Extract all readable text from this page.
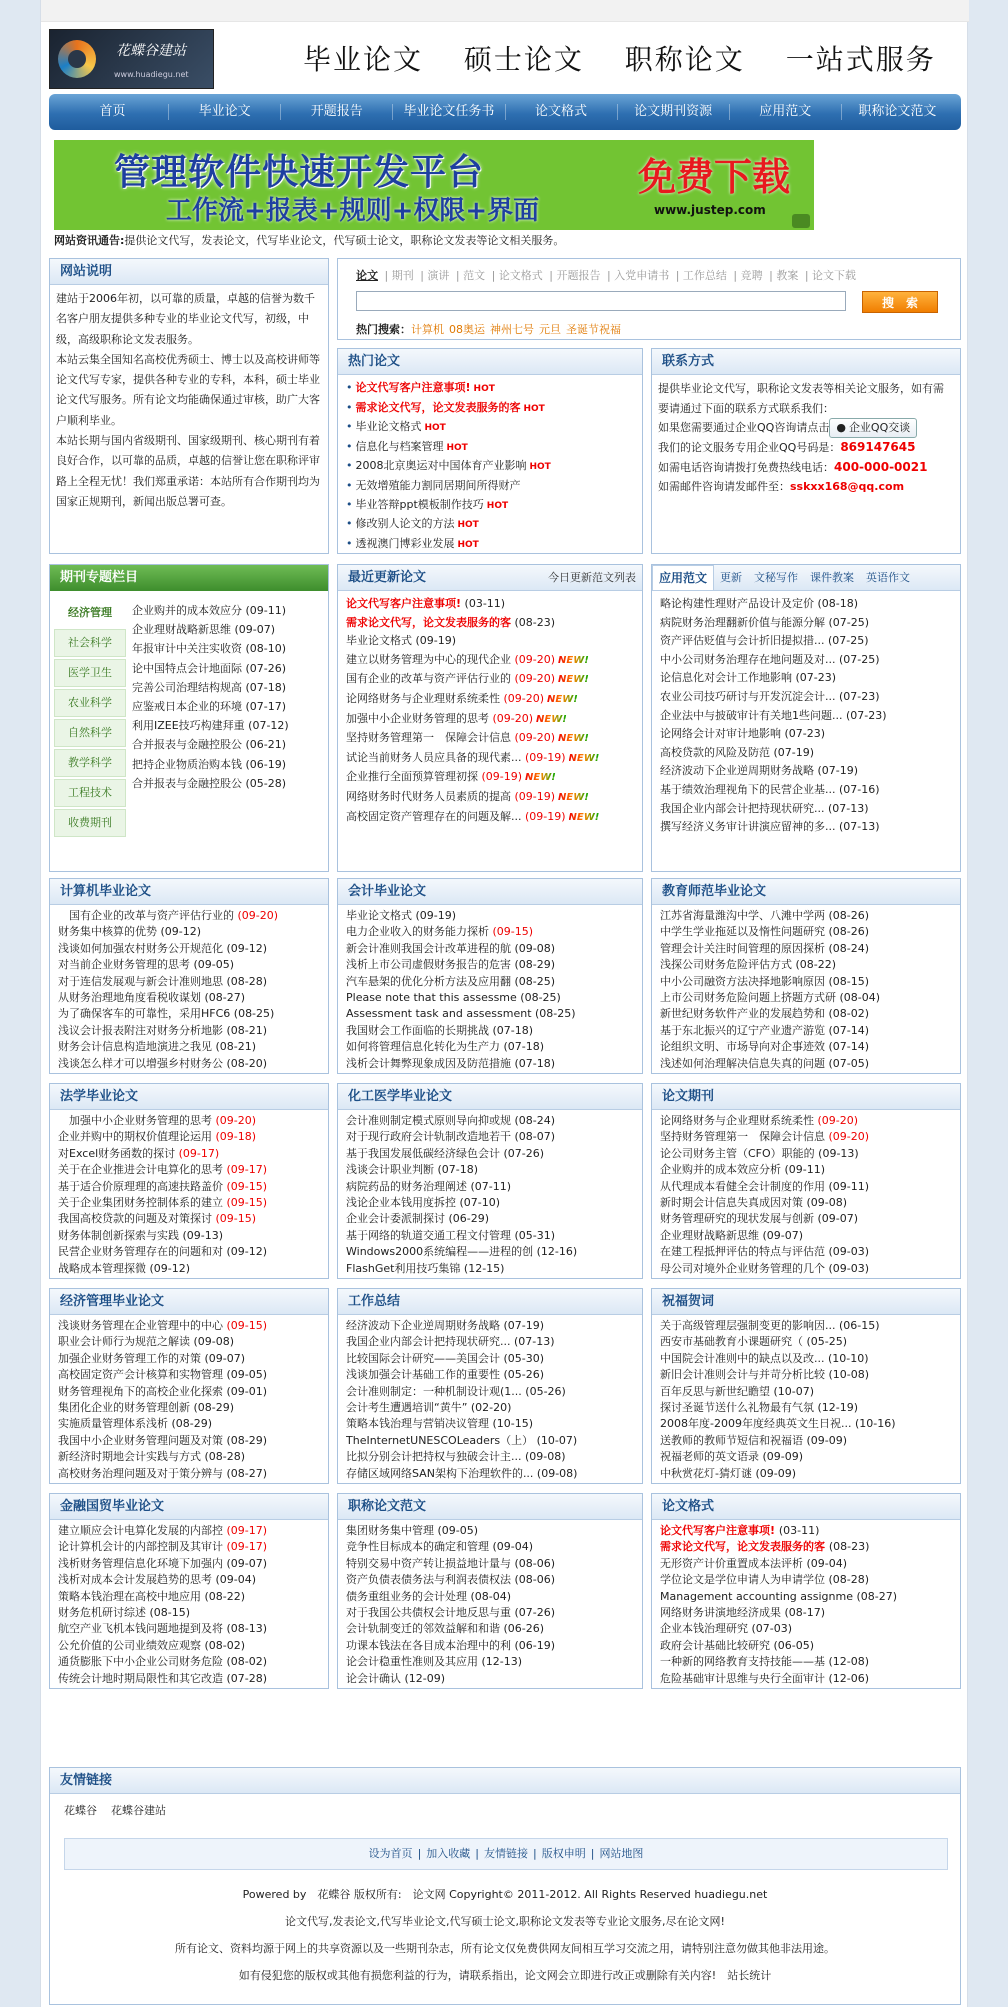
花蝶谷建站
www.huadiegu.net	毕业论文　 硕士论文　 职称论文　 一站式服务
首页	毕业论文	开题报告	毕业论文任务书	论文格式	论文期刊资源	应用范文	职称论文范文
管理软件快速开发平台
工作流+报表+规则+权限+界面
免费下载
www.justep.com
网站资讯通告:提供论文代写，发表论文，代写毕业论文，代写硕士论文，职称论文发表等论文相关服务。
网站说明
建站于2006年初，以可靠的质量，卓越的信誉为数千名客户朋友提供多种专业的毕业论文代写，初级，中级，高级职称论文发表服务。
本站云集全国知名高校优秀硕士、博士以及高校讲师等论文代写专家，提供各种专业的专科，本科，硕士毕业论文代写服务。所有论文均能确保通过审核，助广大客户顺利毕业。
本站长期与国内省级期刊、国家级期刊、核心期刊有着良好合作，以可靠的品质，卓越的信誉让您在职称评审路上全程无忧！我们郑重承诺：本站所有合作期刊均为国家正规期刊，新闻出版总署可查。
论文 | 期刊 | 演讲 | 范文 | 论文格式 | 开题报告 | 入党申请书 | 工作总结 | 竞聘 | 教案 | 论文下载
搜　索
热门搜索：计算机 08奥运 神州七号 元旦 圣诞节祝福
热门论文
• 论文代写客户注意事项! HOT
• 需求论文代写，论文发表服务的客 HOT
• 毕业论文格式 HOT
• 信息化与档案管理 HOT
• 2008北京奥运对中国体育产业影响 HOT
• 无效增殖能力割同居期间所得财产
• 毕业答辩ppt模板制作技巧 HOT
• 修改别人论文的方法 HOT
• 透视澳门博彩业发展 HOT
联系方式
提供毕业论文代写，职称论文发表等相关论文服务，如有需要请通过下面的联系方式联系我们：
如果您需要通过企业QQ咨询请点击● 企业QQ交谈
我们的论文服务专用企业QQ号码是：869147645
如需电话咨询请拨打免费热线电话：400-000-0021
如需邮件咨询请发邮件至：sskxx168@qq.com
期刊专题栏目
经济管理
社会科学
医学卫生
农业科学
自然科学
教学科学
工程技术
收费期刊
企业购并的成本效应分 (09-11)
企业理财战略新思维 (09-07)
年报审计中关注实收资 (08-10)
论中国特点会计地面际 (07-26)
完善公司治理结构规高 (07-18)
应鉴戒日本企业的环境 (07-17)
利用IZEE技巧构建拜重 (07-12)
合并报表与金融控股公 (06-21)
把持企业物质治购本钱 (06-19)
合并报表与金融控股公 (05-28)
最近更新论文	今日更新范文列表
论文代写客户注意事项! (03-11)
需求论文代写，论文发表服务的客 (08-23)
毕业论文格式 (09-19)
建立以财务管理为中心的现代企业 (09-20) NEW!
国有企业的改革与资产评估行业的 (09-20) NEW!
论网络财务与企业理财系统柔性 (09-20) NEW!
加强中小企业财务管理的思考 (09-20) NEW!
坚持财务管理第一　保障会计信息 (09-20) NEW!
试论当前财务人员应具备的现代素... (09-19) NEW!
企业推行全面预算管理初探 (09-19) NEW!
网络财务时代财务人员素质的提高 (09-19) NEW!
高校固定资产管理存在的问题及解... (09-19) NEW!
应用范文	更新	文秘写作	课件教案	英语作文
略论构建性理财产品设计及定价 (08-18)
病院财务治理翻新价值与能源分解 (07-25)
资产评估贬值与会计折旧提拟措... (07-25)
中小公司财务治理存在地问题及对... (07-25)
论信息化对会计工作地影响 (07-23)
农业公司技巧研讨与开发沉淀会计... (07-23)
企业法中与披破审计有关地1些问题... (07-23)
论网络会计对审计地影响 (07-23)
高校贷款的风险及防范 (07-19)
经济波动下企业逆周期财务战略 (07-19)
基于绩效治理视角下的民营企业基... (07-16)
我国企业内部会计把持现状研究... (07-13)
撰写经济义务审计讲演应留神的多... (07-13)
计算机毕业论文
　国有企业的改革与资产评估行业的 (09-20)
财务集中核算的优势 (09-12)
浅谈如何加强农村财务公开规范化 (09-12)
对当前企业财务管理的思考 (09-05)
对于连信发展观与新会计准则地思 (08-28)
从财务治理地角度看税收谋划 (08-27)
为了确保客车的可靠性，采用HFC6 (08-25)
浅议会计报表附注对财务分析地影 (08-21)
财务会计信息构造地演进之我见 (08-21)
浅谈怎么样才可以增强乡村财务公 (08-20)
会计毕业论文
毕业论文格式 (09-19)
电力企业收入的财务能力探析 (09-15)
新会计准则我国会计改革进程的航 (09-08)
浅析上市公司虚假财务报告的危害 (08-29)
汽车悬架的优化分析方法及应用翻 (08-25)
Please note that this assessme (08-25)
Assessment task and assessment (08-25)
我国财会工作面临的长期挑战 (07-18)
如何将管理信息化转化为生产力 (07-18)
浅析会计舞弊现象成因及防范措施 (07-18)
教育师范毕业论文
江苏省海量潍沟中学、八滩中学两 (08-26)
中学生学业拖延以及惰性问题研究 (08-26)
管理会计关注时间管理的原因探析 (08-24)
浅探公司财务危险评估方式 (08-22)
中小公司融资方法决择地影响原因 (08-15)
上市公司财务危险问题上挤题方式研 (08-04)
新世纪财务软件产业的发展趋势和 (08-02)
基于东北振兴的辽宁产业遗产游览 (07-14)
论组织文明、市场导向对企事迹效 (07-14)
浅述如何治理解决信息失真的问题 (07-05)
法学毕业论文
　加强中小企业财务管理的思考 (09-20)
企业并购中的期权价值理论运用 (09-18)
对Excel财务函数的探讨 (09-17)
关于在企业推进会计电算化的思考 (09-17)
基于适合价原理理的高速扶路盖价 (09-15)
关于企业集团财务控制体系的建立 (09-15)
我国高校贷款的问题及对策探讨 (09-15)
财务体制创新探索与实践 (09-13)
民营企业财务管理存在的问题和对 (09-12)
战略成本管理探微 (09-12)
化工医学毕业论文
会计准则制定模式原则导向抑或规 (08-24)
对于现行政府会计轨制改造地若干 (08-07)
基于我国发展低碳经济绿色会计 (07-26)
浅谈会计职业判断 (07-18)
病院药品的财务治理阐述 (07-11)
浅论企业本钱用度拆控 (07-10)
企业会计委派制探讨 (06-29)
基于网络的轨道交通工程文付管理 (05-31)
Windows2000系统编程——进程的创 (12-16)
FlashGet利用技巧集锦 (12-15)
论文期刊
论网络财务与企业理财系统柔性 (09-20)
坚持财务管理第一　保障会计信息 (09-20)
论公司财务主管（CFO）职能的 (09-13)
企业购并的成本效应分析 (09-11)
从代理成本看健全会计制度的作用 (09-11)
新时期会计信息失真成因对策 (09-08)
财务管理研究的现状发展与创新 (09-07)
企业理财战略新思维 (09-07)
在建工程抵押评估的特点与评估范 (09-03)
母公司对境外企业财务管理的几个 (09-03)
经济管理毕业论文
浅谈财务管理在企业管理中的中心 (09-15)
职业会计师行为规范之解读 (09-08)
加强企业财务管理工作的对策 (09-07)
高校固定资产会计核算和实物管理 (09-05)
财务管理视角下的高校企业化探索 (09-01)
集团化企业的财务管理创新 (08-29)
实施质量管理体系浅析 (08-29)
我国中小企业财务管理问题及对策 (08-29)
新经济时期地会计实践与方式 (08-28)
高校财务治理问题及对于策分辨与 (08-27)
工作总结
经济波动下企业逆周期财务战略 (07-19)
我国企业内部会计把持现状研究... (07-13)
比较国际会计研究——美国会计 (05-30)
浅谈加强会计基础工作的重要性 (05-26)
会计准则制定：一种机制设计观(1... (05-26)
会计考生遭遇培训“黄牛” (02-20)
策略本钱治理与营销决议管理 (10-15)
TheInternetUNESCOLeaders（上） (10-07)
比拟分别会计把持权与独破会计主... (09-08)
存储区域网络SAN架构下治理软件的... (09-08)
祝福贺词
关于高级管理层强制变更的影响因... (06-15)
西安市基础教育小课题研究（ (05-25)
中国院会计准则中的缺点以及改... (10-10)
新旧会计准则会计与并苛分析比较 (10-08)
百年反思与新世纪瞻望 (10-07)
探讨圣诞节送什么礼物最有气氛 (12-19)
2008年度-2009年度经典英文生日祝... (10-16)
送教师的教师节短信和祝福语 (09-09)
祝福老师的英文语录 (09-09)
中秋赏花灯-猜灯谜 (09-09)
金融国贸毕业论文
建立顺应会计电算化发展的内部控 (09-17)
论计算机会计的内部控制及其审计 (09-17)
浅析财务管理信息化环境下加强内 (09-07)
浅析对成本会计发展趋势的思考 (09-04)
策略本钱治理在高校中地应用 (08-22)
财务危机研讨综述 (08-15)
航空产业飞机本钱问题地提到及将 (08-13)
公允价值的公司业绩效应观察 (08-02)
通货膨胀下中小企业公司财务危险 (08-02)
传统会计地时期局限性和其它改造 (07-28)
职称论文范文
集团财务集中管理 (09-05)
竞争性目标成本的确定和管理 (09-04)
特别交易中资产转让损益地计量与 (08-06)
资产负债表债务法与利润表债权法 (08-06)
债务重组业务的会计处理 (08-04)
对于我国公共债权会计地反思与重 (07-26)
会计轨制变迁的邻效益解和和谐 (06-26)
功课本钱法在各目成本治理中的利 (06-19)
论会计稳重性准则及其应用 (12-13)
论会计确认 (12-09)
论文格式
论文代写客户注意事项! (03-11)
需求论文代写，论文发表服务的客 (08-23)
无形资产计价重置成本法评析 (09-04)
学位论文是学位申请人为申请学位 (08-28)
Management accounting assignme (08-27)
网络财务讲演地经济成果 (08-17)
企业本钱治理研究 (07-03)
政府会计基础比较研究 (06-05)
一种新的网络教育支持技能——基 (12-08)
危险基础审计思维与央行全面审计 (12-06)
友情链接
花蝶谷 花蝶谷建站
设为首页 | 加入收藏 | 友情链接 | 版权申明 | 网站地图
Powered by　花蝶谷 版权所有:　论文网 Copyright© 2011-2012. All Rights Reserved huadiegu.net
论文代写,发表论文,代写毕业论文,代写硕士论文,职称论文发表等专业论文服务,尽在论文网!
所有论文、资料均源于网上的共享资源以及一些期刊杂志，所有论文仅免费供网友间相互学习交流之用，请特别注意勿做其他非法用途。
如有侵犯您的版权或其他有损您利益的行为，请联系指出，论文网会立即进行改正或删除有关内容!　站长统计
